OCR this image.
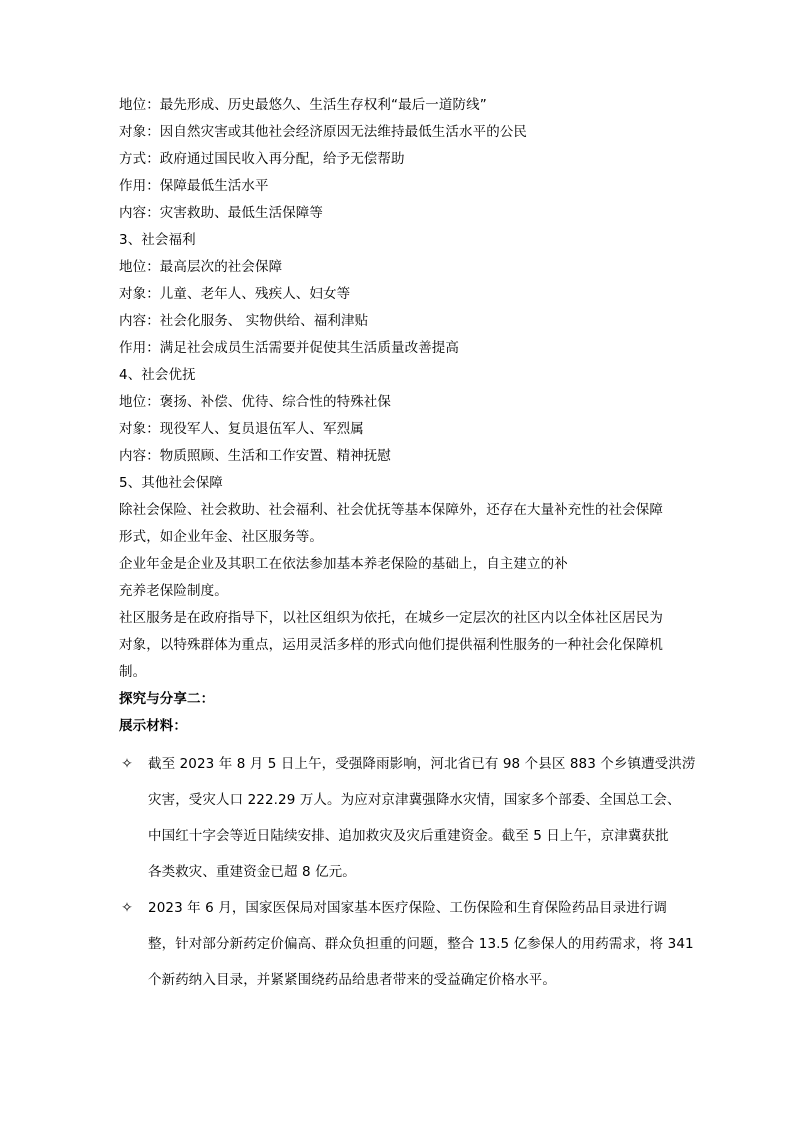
地位：最先形成、历史最悠久、生活生存权利“最后一道防线”
对象：因自然灾害或其他社会经济原因无法维持最低生活水平的公民
方式：政府通过国民收入再分配，给予无偿帮助
作用：保障最低生活水平
内容：灾害救助、最低生活保障等
3、社会福利
地位：最高层次的社会保障
对象：儿童、老年人、残疾人、妇女等
内容：社会化服务、 实物供给、福利津贴
作用：满足社会成员生活需要并促使其生活质量改善提高
4、社会优抚
地位：褒扬、补偿、优待、综合性的特殊社保
对象：现役军人、复员退伍军人、军烈属
内容：物质照顾、生活和工作安置、精神抚慰
5、其他社会保障
除社会保险、社会救助、社会福利、社会优抚等基本保障外，还存在大量补充性的社会保障
形式，如企业年金、社区服务等。
企业年金是企业及其职工在依法参加基本养老保险的基础上，自主建立的补
充养老保险制度。
社区服务是在政府指导下，以社区组织为依托，在城乡一定层次的社区内以全体社区居民为
对象，以特殊群体为重点，运用灵活多样的形式向他们提供福利性服务的一种社会化保障机
制。
探究与分享二：
展示材料：
✧ 截至 2023 年 8 月 5 日上午，受强降雨影响，河北省已有 98 个县区 883 个乡镇遭受洪涝
灾害，受灾人口 222.29 万人。为应对京津冀强降水灾情，国家多个部委、全国总工会、
中国红十字会等近日陆续安排、追加救灾及灾后重建资金。截至 5 日上午，京津冀获批
各类救灾、重建资金已超 8 亿元。
✧ 2023 年 6 月，国家医保局对国家基本医疗保险、工伤保险和生育保险药品目录进行调
整，针对部分新药定价偏高、群众负担重的问题，整合 13.5 亿参保人的用药需求，将 341
个新药纳入目录，并紧紧围绕药品给患者带来的受益确定价格水平。
